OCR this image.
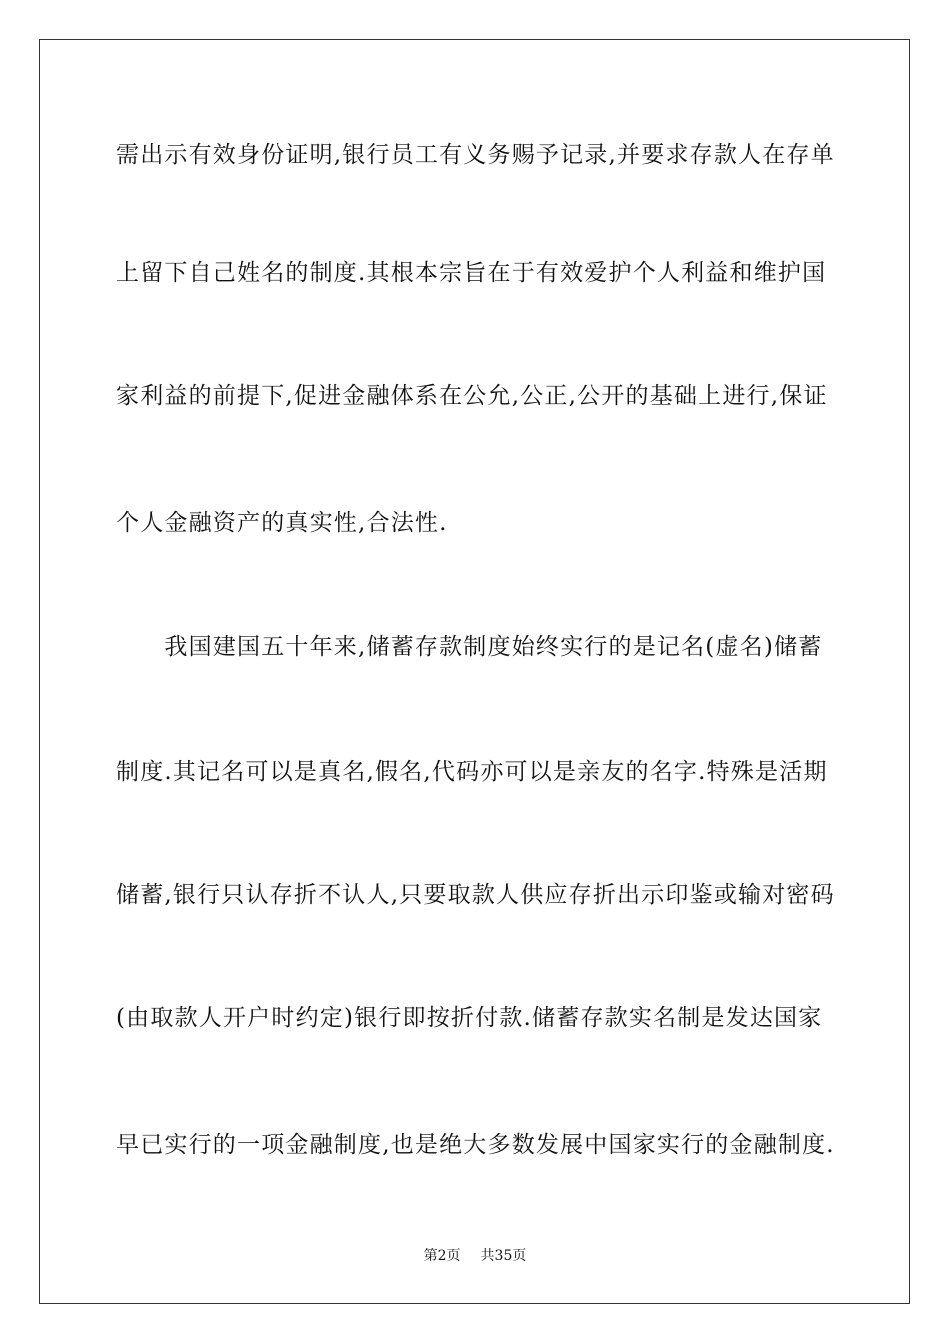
需出示有效身份证明,银行员工有义务赐予记录,并要求存款人在存单
上留下自己姓名的制度.其根本宗旨在于有效爱护个人利益和维护国
家利益的前提下,促进金融体系在公允,公正,公开的基础上进行,保证
个人金融资产的真实性,合法性.
　　我国建国五十年来,储蓄存款制度始终实行的是记名(虚名)储蓄
制度.其记名可以是真名,假名,代码亦可以是亲友的名字.特殊是活期
储蓄,银行只认存折不认人,只要取款人供应存折出示印鉴或输对密码
(由取款人开户时约定)银行即按折付款.储蓄存款实名制是发达国家
早已实行的一项金融制度,也是绝大多数发展中国家实行的金融制度.
第2页 共35页
